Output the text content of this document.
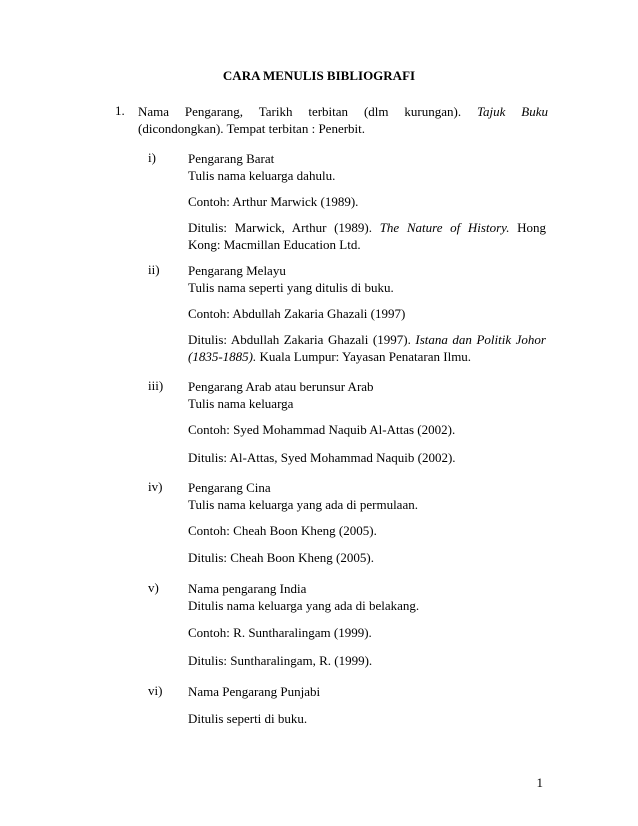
CARA MENULIS BIBLIOGRAFI
1. Nama Pengarang, Tarikh terbitan (dlm kurungan). Tajuk Buku (dicondongkan). Tempat terbitan : Penerbit.
i) Pengarang Barat
Tulis nama keluarga dahulu.
Contoh: Arthur Marwick (1989).
Ditulis: Marwick, Arthur (1989). The Nature of History. Hong Kong: Macmillan Education Ltd.
ii) Pengarang Melayu
Tulis nama seperti yang ditulis di buku.
Contoh: Abdullah Zakaria Ghazali (1997)
Ditulis: Abdullah Zakaria Ghazali (1997). Istana dan Politik Johor (1835-1885). Kuala Lumpur: Yayasan Penataran Ilmu.
iii) Pengarang Arab atau berunsur Arab
Tulis nama keluarga
Contoh: Syed Mohammad Naquib Al-Attas (2002).
Ditulis: Al-Attas, Syed Mohammad Naquib (2002).
iv) Pengarang Cina
Tulis nama keluarga yang ada di permulaan.
Contoh: Cheah Boon Kheng (2005).
Ditulis: Cheah Boon Kheng (2005).
v) Nama pengarang India
Ditulis nama keluarga yang ada di belakang.
Contoh: R. Suntharalingam (1999).
Ditulis: Suntharalingam, R. (1999).
vi) Nama Pengarang Punjabi
Ditulis seperti di buku.
1
